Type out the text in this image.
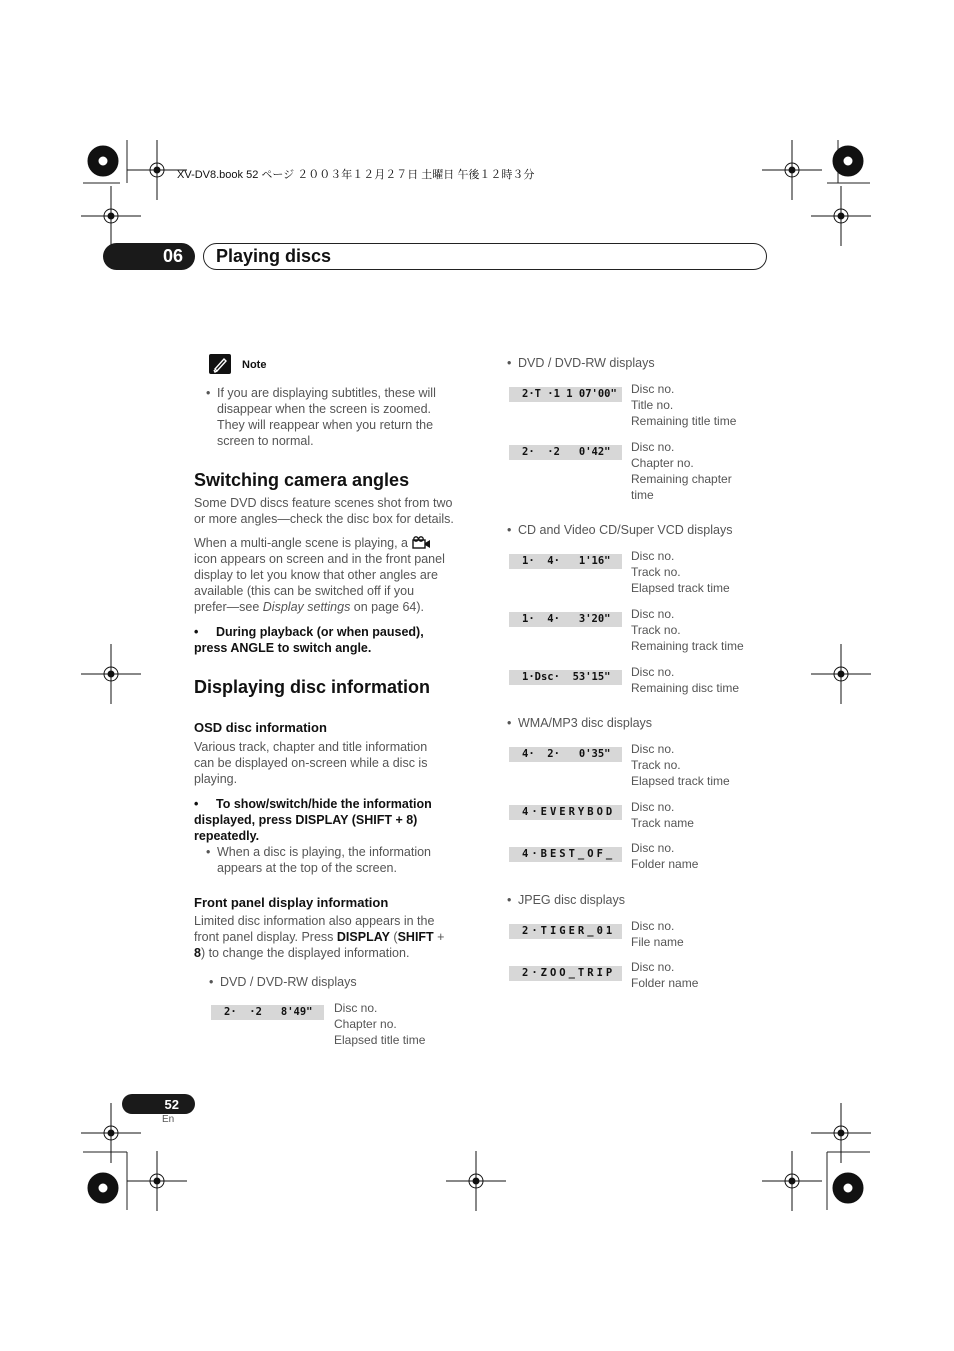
XV-DV8.book 52 ページ ２００３年１２月２７日 土曜日 午後１２時３分
06	Playing discs
Note
• If you are displaying subtitles, these will
disappear when the screen is zoomed.
They will reappear when you return the
screen to normal.
Switching camera angles
Some DVD discs feature scenes shot from two
or more angles—check the disc box for details.
When a multi-angle scene is playing, a
icon appears on screen and in the front panel
display to let you know that other angles are
available (this can be switched off if you
prefer—see Display settings on page 64).
• During playback (or when paused),
press ANGLE to switch angle.
Displaying disc information
OSD disc information
Various track, chapter and title information
can be displayed on-screen while a disc is
playing.
• To show/switch/hide the information
displayed, press DISPLAY (SHIFT + 8)
repeatedly.
• When a disc is playing, the information
appears at the top of the screen.
Front panel display information
Limited disc information also appears in the
front panel display. Press DISPLAY (SHIFT +
8) to change the displayed information.
• DVD / DVD-RW displays
2·  ·2   8'49"	Disc no.
Chapter no.
Elapsed title time
• DVD / DVD-RW displays
2·T ·1 1 07'00"	Disc no.
Title no.
Remaining title time
2·  ·2   0'42"	Disc no.
Chapter no.
Remaining chapter
time
• CD and Video CD/Super VCD displays
1·  4·   1'16"	Disc no.
Track no.
Elapsed track time
1·  4·   3'20"	Disc no.
Track no.
Remaining track time
1·Dsc·  53'15"	Disc no.
Remaining disc time
• WMA/MP3 disc displays
4·  2·   0'35"	Disc no.
Track no.
Elapsed track time
4·EVERYBOD	Disc no.
Track name
4·BEST_OF_	Disc no.
Folder name
• JPEG disc displays
2·TIGER_01	Disc no.
File name
2·ZOO_TRIP	Disc no.
Folder name
52
En
